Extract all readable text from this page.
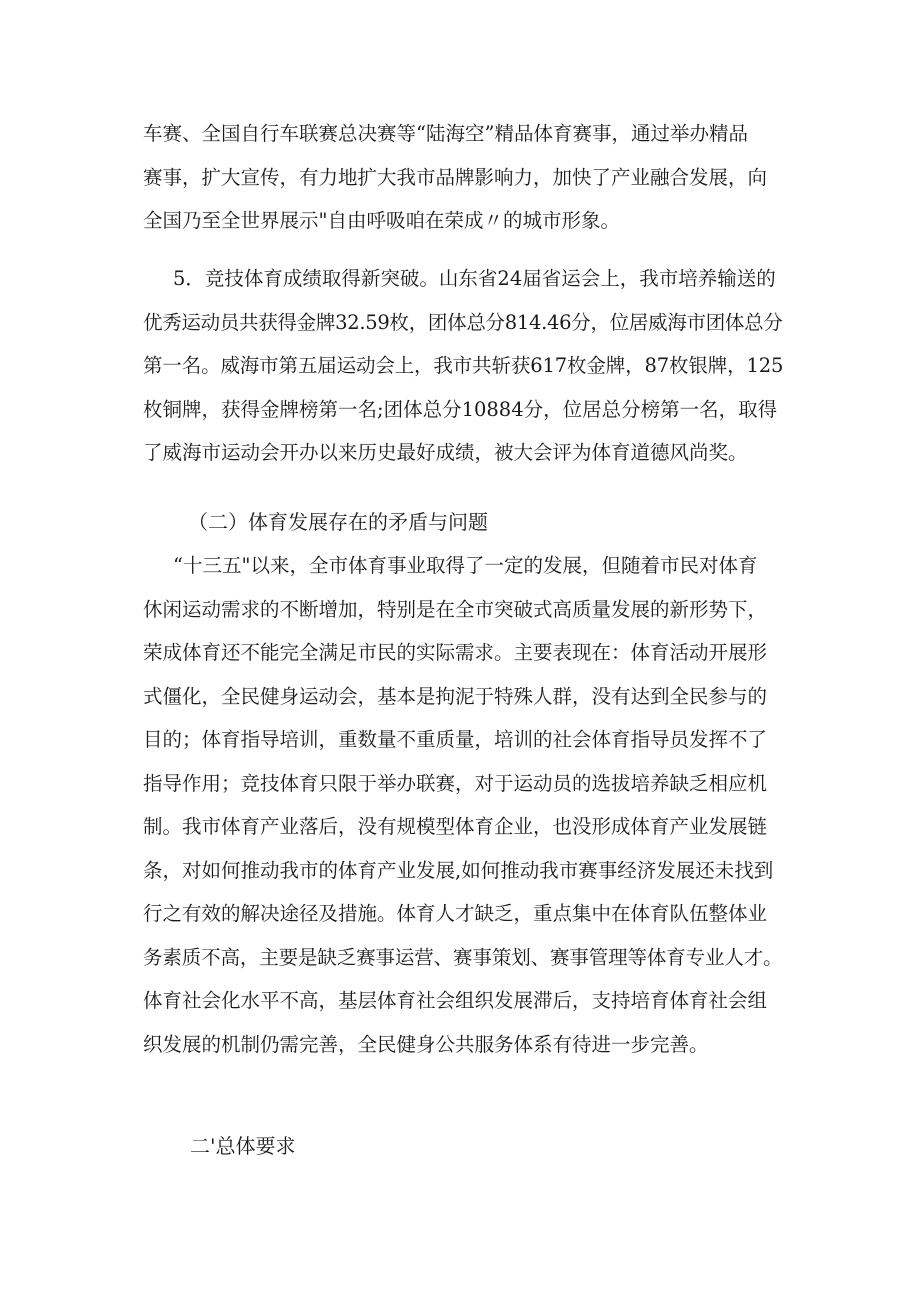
车赛、全国自行车联赛总决赛等“陆海空”精品体育赛事，通过举办精品
赛事，扩大宣传，有力地扩大我市品牌影响力，加快了产业融合发展，向
全国乃至全世界展示"自由呼吸咱在荣成〃的城市形象。
5．竞技体育成绩取得新突破。山东省24届省运会上，我市培养输送的
优秀运动员共获得金牌32.59枚，团体总分814.46分，位居威海市团体总分
第一名。威海市第五届运动会上，我市共斩获617枚金牌，87枚银牌，125
枚铜牌，获得金牌榜第一名;团体总分10884分，位居总分榜第一名，取得
了威海市运动会开办以来历史最好成绩，被大会评为体育道德风尚奖。
（二）体育发展存在的矛盾与问题
“十三五"以来，全市体育事业取得了一定的发展，但随着市民对体育
休闲运动需求的不断增加，特别是在全市突破式高质量发展的新形势下，
荣成体育还不能完全满足市民的实际需求。主要表现在：体育活动开展形
式僵化，全民健身运动会，基本是拘泥于特殊人群，没有达到全民参与的
目的；体育指导培训，重数量不重质量，培训的社会体育指导员发挥不了
指导作用；竞技体育只限于举办联赛，对于运动员的选拔培养缺乏相应机
制。我市体育产业落后，没有规模型体育企业，也没形成体育产业发展链
条，对如何推动我市的体育产业发展,如何推动我市赛事经济发展还未找到
行之有效的解决途径及措施。体育人才缺乏，重点集中在体育队伍整体业
务素质不高，主要是缺乏赛事运营、赛事策划、赛事管理等体育专业人才。
体育社会化水平不高，基层体育社会组织发展滞后，支持培育体育社会组
织发展的机制仍需完善，全民健身公共服务体系有待进一步完善。
二'总体要求
